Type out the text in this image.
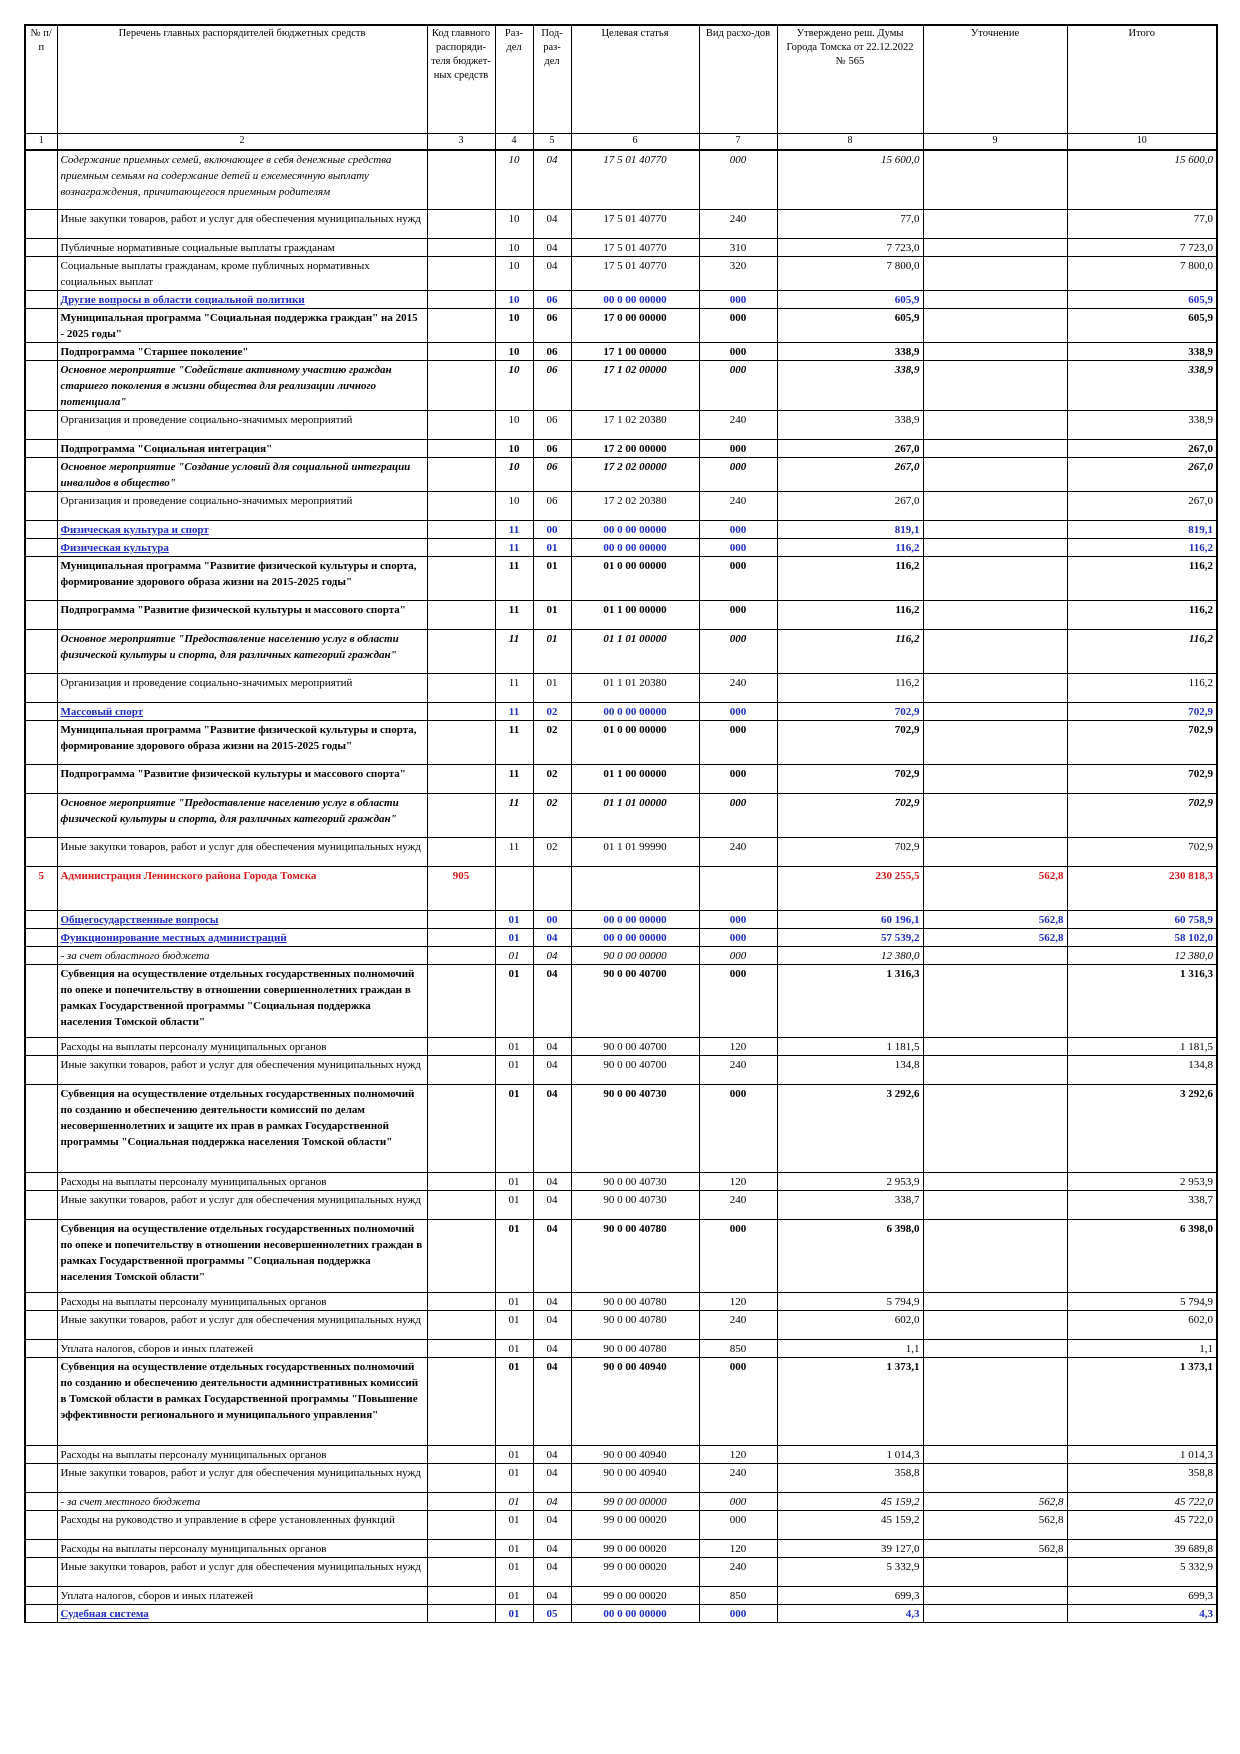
№ п/п	Перечень главных распорядителей бюджетных средств	Код главного распоряди-теля бюджет-ных средств	Раз-дел	Под-раз-дел	Целевая статья	Вид расхо-дов	Утверждено реш. Думы Города Томска от 22.12.2022 № 565	Уточнение	Итого
1	2	3	4	5	6	7	8	9	10
	Содержание приемных семей, включающее в себя денежные средства приемным семьям на содержание детей и ежемесячную выплату вознаграждения, причитающегося приемным родителям		10	04	17 5 01 40770	000	15 600,0		15 600,0
	Иные закупки товаров, работ и услуг для обеспечения муниципальных нужд		10	04	17 5 01 40770	240	77,0		77,0
	Публичные нормативные социальные выплаты гражданам		10	04	17 5 01 40770	310	7 723,0		7 723,0
	Социальные выплаты гражданам, кроме публичных нормативных социальных выплат		10	04	17 5 01 40770	320	7 800,0		7 800,0
	Другие вопросы в области социальной политики		10	06	00 0 00 00000	000	605,9		605,9
	Муниципальная программа "Социальная поддержка граждан" на 2015 - 2025 годы"		10	06	17 0 00 00000	000	605,9		605,9
	Подпрограмма "Старшее поколение"		10	06	17 1 00 00000	000	338,9		338,9
	Основное мероприятие "Содействие активному участию граждан старшего поколения в жизни общества для реализации личного потенциала"		10	06	17 1 02 00000	000	338,9		338,9
	Организация и проведение социально-значимых мероприятий		10	06	17 1 02 20380	240	338,9		338,9
	Подпрограмма "Социальная интеграция"		10	06	17 2 00 00000	000	267,0		267,0
	Основное мероприятие "Создание условий для социальной интеграции инвалидов в общество"		10	06	17 2 02 00000	000	267,0		267,0
	Организация и проведение социально-значимых мероприятий		10	06	17 2 02 20380	240	267,0		267,0
	Физическая культура и спорт		11	00	00 0 00 00000	000	819,1		819,1
	Физическая культура		11	01	00 0 00 00000	000	116,2		116,2
	Муниципальная программа "Развитие физической культуры и спорта, формирование здорового образа жизни на 2015-2025 годы"		11	01	01 0 00 00000	000	116,2		116,2
	Подпрограмма "Развитие физической культуры и массового спорта"		11	01	01 1 00 00000	000	116,2		116,2
	Основное мероприятие "Предоставление населению услуг в области физической культуры и спорта, для различных категорий граждан"		11	01	01 1 01 00000	000	116,2		116,2
	Организация и проведение социально-значимых мероприятий		11	01	01 1 01 20380	240	116,2		116,2
	Массовый спорт		11	02	00 0 00 00000	000	702,9		702,9
	Муниципальная программа "Развитие физической культуры и спорта, формирование здорового образа жизни на 2015-2025 годы"		11	02	01 0 00 00000	000	702,9		702,9
	Подпрограмма "Развитие физической культуры и массового спорта"		11	02	01 1 00 00000	000	702,9		702,9
	Основное мероприятие "Предоставление населению услуг в области физической культуры и спорта, для различных категорий граждан"		11	02	01 1 01 00000	000	702,9		702,9
	Иные закупки товаров, работ и услуг для обеспечения муниципальных нужд		11	02	01 1 01 99990	240	702,9		702,9
5	Администрация Ленинского района Города Томска	905					230 255,5	562,8	230 818,3
	Общегосударственные вопросы		01	00	00 0 00 00000	000	60 196,1	562,8	60 758,9
	Функционирование местных администраций		01	04	00 0 00 00000	000	57 539,2	562,8	58 102,0
	- за счет областного бюджета		01	04	90 0 00 00000	000	12 380,0		12 380,0
	Субвенция на осуществление отдельных государственных полномочий по опеке и попечительству в отношении совершеннолетних граждан в рамках Государственной программы "Социальная поддержка населения Томской области"		01	04	90 0 00 40700	000	1 316,3		1 316,3
	Расходы на выплаты персоналу муниципальных органов		01	04	90 0 00 40700	120	1 181,5		1 181,5
	Иные закупки товаров, работ и услуг для обеспечения муниципальных нужд		01	04	90 0 00 40700	240	134,8		134,8
	Субвенция на осуществление отдельных государственных полномочий по созданию и обеспечению деятельности комиссий по делам несовершеннолетних и защите их прав в рамках Государственной программы "Социальная поддержка населения Томской области"		01	04	90 0 00 40730	000	3 292,6		3 292,6
	Расходы на выплаты персоналу муниципальных органов		01	04	90 0 00 40730	120	2 953,9		2 953,9
	Иные закупки товаров, работ и услуг для обеспечения муниципальных нужд		01	04	90 0 00 40730	240	338,7		338,7
	Субвенция на осуществление отдельных государственных полномочий по опеке и попечительству в отношении несовершеннолетних граждан в рамках Государственной программы "Социальная поддержка населения Томской области"		01	04	90 0 00 40780	000	6 398,0		6 398,0
	Расходы на выплаты персоналу муниципальных органов		01	04	90 0 00 40780	120	5 794,9		5 794,9
	Иные закупки товаров, работ и услуг для обеспечения муниципальных нужд		01	04	90 0 00 40780	240	602,0		602,0
	Уплата налогов, сборов и иных платежей		01	04	90 0 00 40780	850	1,1		1,1
	Субвенция на осуществление отдельных государственных полномочий по созданию и обеспечению деятельности административных комиссий в Томской области в рамках Государственной программы "Повышение эффективности регионального и муниципального управления"		01	04	90 0 00 40940	000	1 373,1		1 373,1
	Расходы на выплаты персоналу муниципальных органов		01	04	90 0 00 40940	120	1 014,3		1 014,3
	Иные закупки товаров, работ и услуг для обеспечения муниципальных нужд		01	04	90 0 00 40940	240	358,8		358,8
	- за счет местного бюджета		01	04	99 0 00 00000	000	45 159,2	562,8	45 722,0
	Расходы на руководство и управление в сфере установленных функций		01	04	99 0 00 00020	000	45 159,2	562,8	45 722,0
	Расходы на выплаты персоналу муниципальных органов		01	04	99 0 00 00020	120	39 127,0	562,8	39 689,8
	Иные закупки товаров, работ и услуг для обеспечения муниципальных нужд		01	04	99 0 00 00020	240	5 332,9		5 332,9
	Уплата налогов, сборов и иных платежей		01	04	99 0 00 00020	850	699,3		699,3
	Судебная система		01	05	00 0 00 00000	000	4,3		4,3
